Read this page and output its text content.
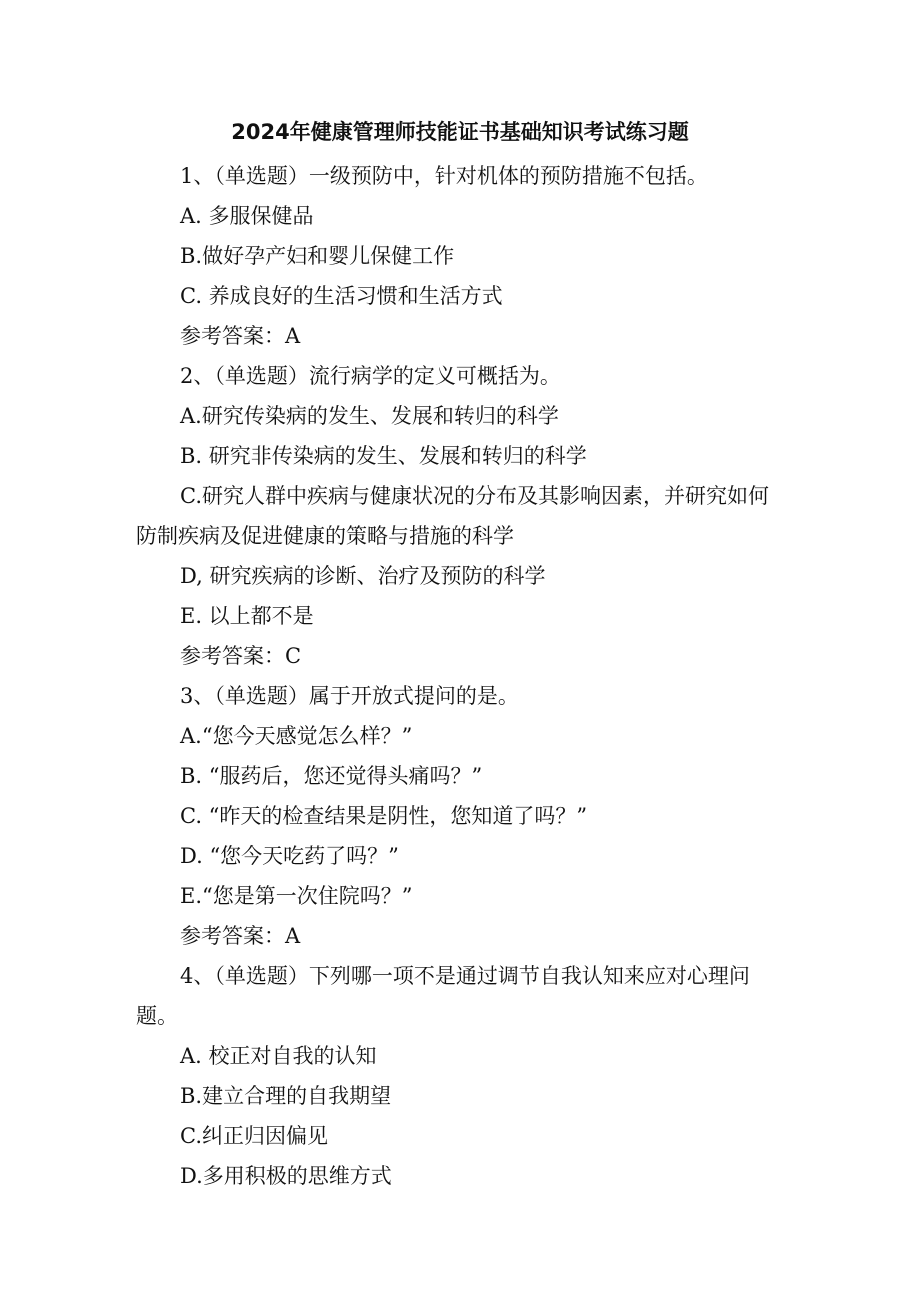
2024年健康管理师技能证书基础知识考试练习题

1、（单选题）一级预防中，针对机体的预防措施不包括。

A. 多服保健品

B.做好孕产妇和婴儿保健工作

C. 养成良好的生活习惯和生活方式

参考答案：A

2、（单选题）流行病学的定义可概括为。

A.研究传染病的发生、发展和转归的科学

B. 研究非传染病的发生、发展和转归的科学

C.研究人群中疾病与健康状况的分布及其影响因素，并研究如何防制疾病及促进健康的策略与措施的科学

D, 研究疾病的诊断、治疗及预防的科学

E. 以上都不是

参考答案：C

3、（单选题）属于开放式提问的是。

A.“您今天感觉怎么样？”

B. “服药后，您还觉得头痛吗？”

C. “昨天的检查结果是阴性，您知道了吗？”

D. “您今天吃药了吗？”

E.“您是第一次住院吗？”

参考答案：A

4、（单选题）下列哪一项不是通过调节自我认知来应对心理问题。

A. 校正对自我的认知

B.建立合理的自我期望

C.纠正归因偏见

D.多用积极的思维方式
